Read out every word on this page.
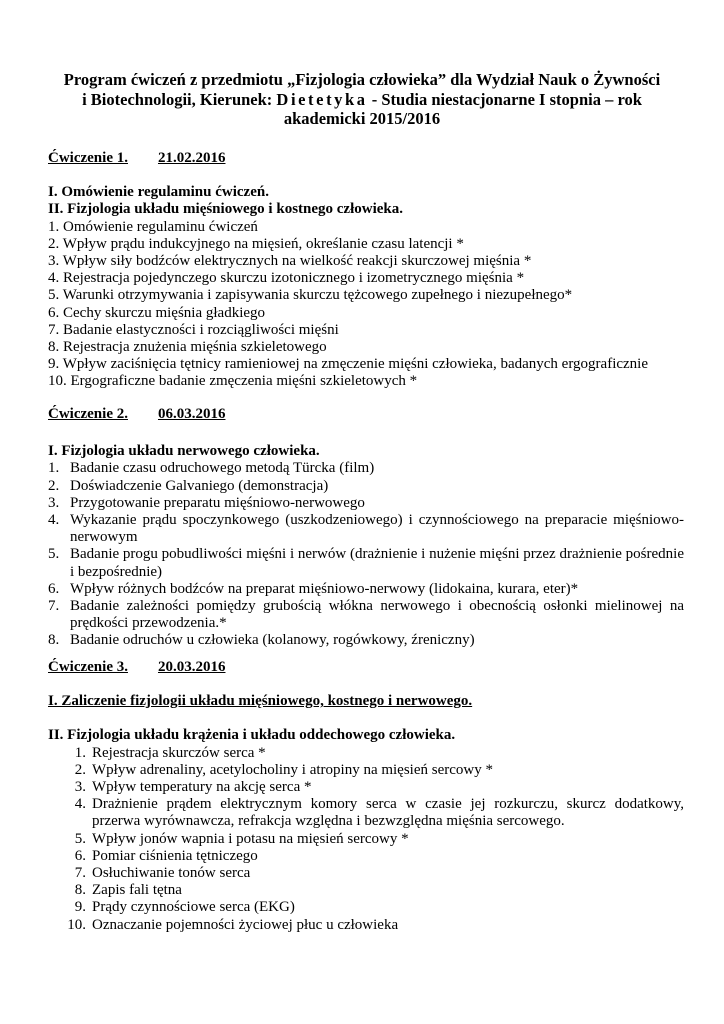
Program ćwiczeń z przedmiotu „Fizjologia człowieka” dla Wydział Nauk o Żywności
i Biotechnologii, Kierunek: Dietetyka - Studia niestacjonarne I stopnia – rok
akademicki 2015/2016
Ćwiczenie 1. 21.02.2016
I. Omówienie regulaminu ćwiczeń.
II. Fizjologia układu mięśniowego i kostnego człowieka.
1. Omówienie regulaminu ćwiczeń
2. Wpływ prądu indukcyjnego na mięsień, określanie czasu latencji *
3. Wpływ siły bodźców elektrycznych na wielkość reakcji skurczowej mięśnia *
4. Rejestracja pojedynczego skurczu izotonicznego i izometrycznego mięśnia *
5. Warunki otrzymywania i zapisywania skurczu tężcowego zupełnego i niezupełnego*
6. Cechy skurczu mięśnia gładkiego
7. Badanie elastyczności i rozciągliwości mięśni
8. Rejestracja znużenia mięśnia szkieletowego
9. Wpływ zaciśnięcia tętnicy ramieniowej na zmęczenie mięśni człowieka, badanych ergograficznie
10. Ergograficzne badanie zmęczenia mięśni szkieletowych *
Ćwiczenie 2. 06.03.2016
I. Fizjologia układu nerwowego człowieka.
1. Badanie czasu odruchowego metodą Türcka (film)
2. Doświadczenie Galvaniego (demonstracja)
3. Przygotowanie preparatu mięśniowo-nerwowego
4. Wykazanie prądu spoczynkowego (uszkodzeniowego) i czynnościowego na preparacie mięśniowo-nerwowym
5. Badanie progu pobudliwości mięśni i nerwów (drażnienie i nużenie mięśni przez drażnienie pośrednie i bezpośrednie)
6. Wpływ różnych bodźców na preparat mięśniowo-nerwowy (lidokaina, kurara, eter)*
7. Badanie zależności pomiędzy grubością włókna nerwowego i obecnością osłonki mielinowej na prędkości przewodzenia.*
8. Badanie odruchów u człowieka (kolanowy, rogówkowy, źreniczny)
Ćwiczenie 3. 20.03.2016
I. Zaliczenie fizjologii układu mięśniowego, kostnego i nerwowego.
II. Fizjologia układu krążenia i układu oddechowego człowieka.
1. Rejestracja skurczów serca *
2. Wpływ adrenaliny, acetylocholiny i atropiny na mięsień sercowy *
3. Wpływ temperatury na akcję serca *
4. Drażnienie prądem elektrycznym komory serca w czasie jej rozkurczu, skurcz dodatkowy, przerwa wyrównawcza, refrakcja względna i bezwzględna mięśnia sercowego.
5. Wpływ jonów wapnia i potasu na mięsień sercowy *
6. Pomiar ciśnienia tętniczego
7. Osłuchiwanie tonów serca
8. Zapis fali tętna
9. Prądy czynnościowe serca (EKG)
10. Oznaczanie pojemności życiowej płuc u człowieka
